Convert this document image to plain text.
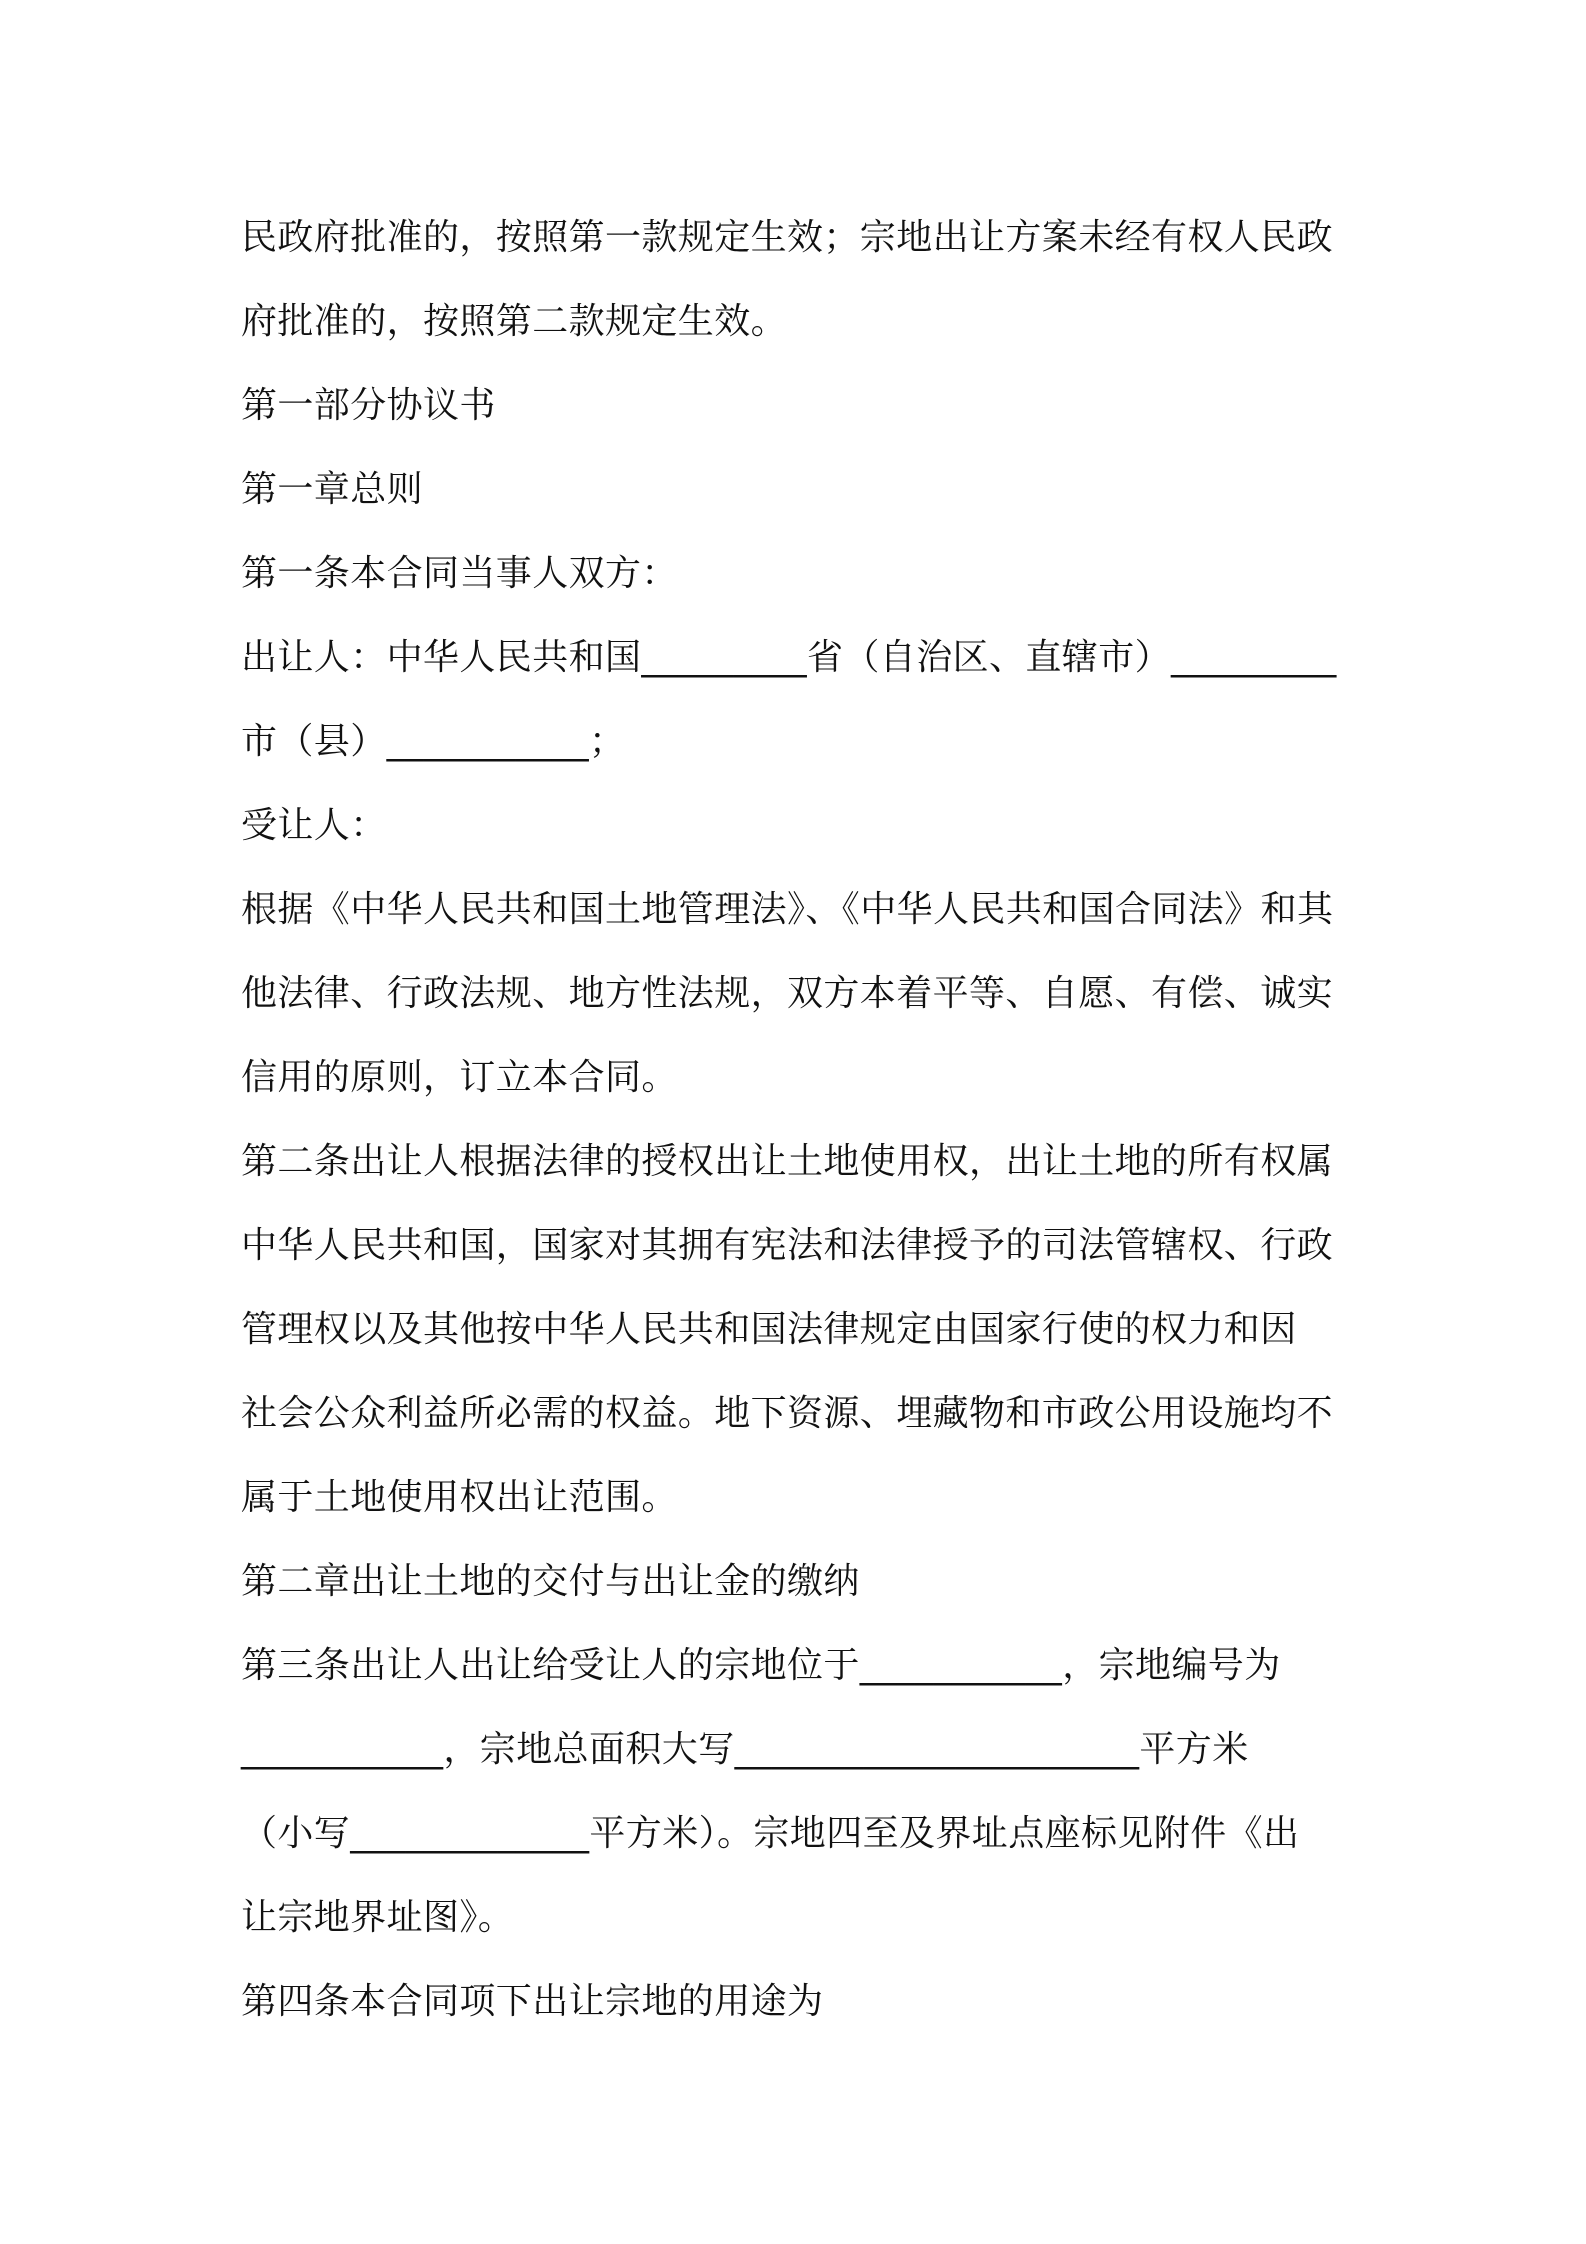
民政府批准的，按照第一款规定生效；宗地出让方案未经有权人民政
府批准的，按照第二款规定生效。
第一部分协议书
第一章总则
第一条本合同当事人双方：
出让人：中华人民共和国_________省（自治区、直辖市）_________
市（县）___________；
受让人：
根据《中华人民共和国土地管理法》、《中华人民共和国合同法》和其
他法律、行政法规、地方性法规，双方本着平等、自愿、有偿、诚实
信用的原则，订立本合同。
第二条出让人根据法律的授权出让土地使用权，出让土地的所有权属
中华人民共和国，国家对其拥有宪法和法律授予的司法管辖权、行政
管理权以及其他按中华人民共和国法律规定由国家行使的权力和因
社会公众利益所必需的权益。地下资源、埋藏物和市政公用设施均不
属于土地使用权出让范围。
第二章出让土地的交付与出让金的缴纳
第三条出让人出让给受让人的宗地位于___________，宗地编号为
___________，宗地总面积大写______________________平方米
（小写_____________平方米）。宗地四至及界址点座标见附件《出
让宗地界址图》。
第四条本合同项下出让宗地的用途为
